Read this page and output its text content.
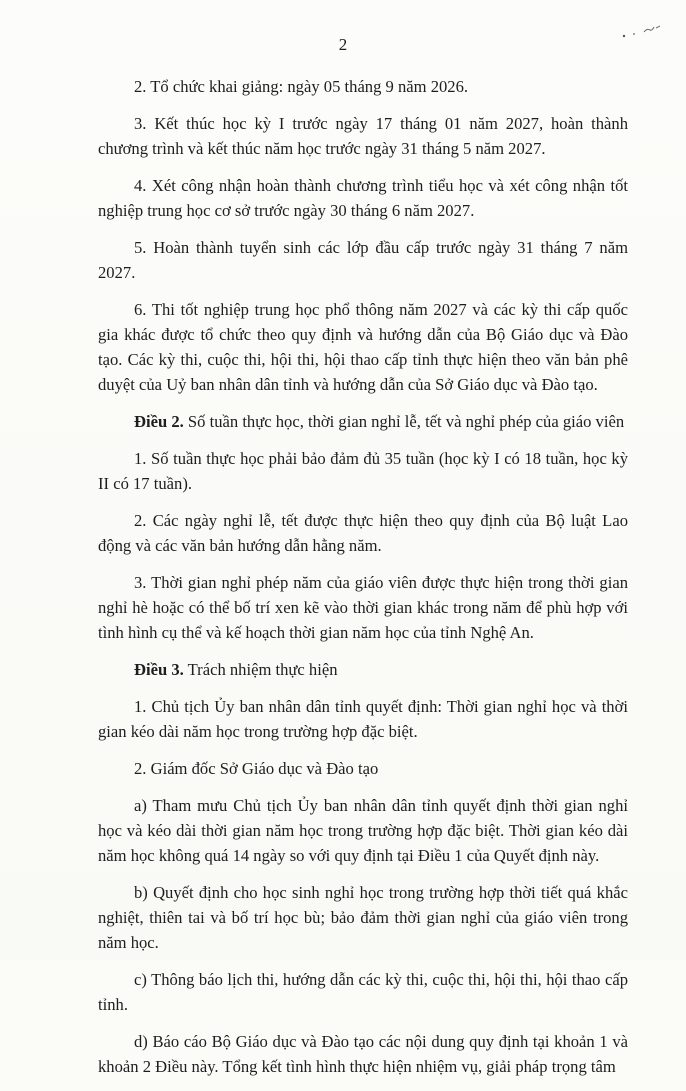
2

2. Tổ chức khai giảng: ngày 05 tháng 9 năm 2026.

3. Kết thúc học kỳ I trước ngày 17 tháng 01 năm 2027, hoàn thành chương trình và kết thúc năm học trước ngày 31 tháng 5 năm 2027.

4. Xét công nhận hoàn thành chương trình tiểu học và xét công nhận tốt nghiệp trung học cơ sở trước ngày 30 tháng 6 năm 2027.

5. Hoàn thành tuyển sinh các lớp đầu cấp trước ngày 31 tháng 7 năm 2027.

6. Thi tốt nghiệp trung học phổ thông năm 2027 và các kỳ thi cấp quốc gia khác được tổ chức theo quy định và hướng dẫn của Bộ Giáo dục và Đào tạo. Các kỳ thi, cuộc thi, hội thi, hội thao cấp tỉnh thực hiện theo văn bản phê duyệt của Uỷ ban nhân dân tỉnh và hướng dẫn của Sở Giáo dục và Đào tạo.

Điều 2. Số tuần thực học, thời gian nghỉ lễ, tết và nghỉ phép của giáo viên

1. Số tuần thực học phải bảo đảm đủ 35 tuần (học kỳ I có 18 tuần, học kỳ II có 17 tuần).

2. Các ngày nghỉ lễ, tết được thực hiện theo quy định của Bộ luật Lao động và các văn bản hướng dẫn hằng năm.

3. Thời gian nghỉ phép năm của giáo viên được thực hiện trong thời gian nghỉ hè hoặc có thể bố trí xen kẽ vào thời gian khác trong năm để phù hợp với tình hình cụ thể và kế hoạch thời gian năm học của tỉnh Nghệ An.

Điều 3. Trách nhiệm thực hiện

1. Chủ tịch Ủy ban nhân dân tỉnh quyết định: Thời gian nghỉ học và thời gian kéo dài năm học trong trường hợp đặc biệt.

2. Giám đốc Sở Giáo dục và Đào tạo

a) Tham mưu Chủ tịch Ủy ban nhân dân tỉnh quyết định thời gian nghỉ học và kéo dài thời gian năm học trong trường hợp đặc biệt. Thời gian kéo dài năm học không quá 14 ngày so với quy định tại Điều 1 của Quyết định này.

b) Quyết định cho học sinh nghỉ học trong trường hợp thời tiết quá khắc nghiệt, thiên tai và bố trí học bù; bảo đảm thời gian nghỉ của giáo viên trong năm học.

c) Thông báo lịch thi, hướng dẫn các kỳ thi, cuộc thi, hội thi, hội thao cấp tỉnh.

d) Báo cáo Bộ Giáo dục và Đào tạo các nội dung quy định tại khoản 1 và khoản 2 Điều này. Tổng kết tình hình thực hiện nhiệm vụ, giải pháp trọng tâm
